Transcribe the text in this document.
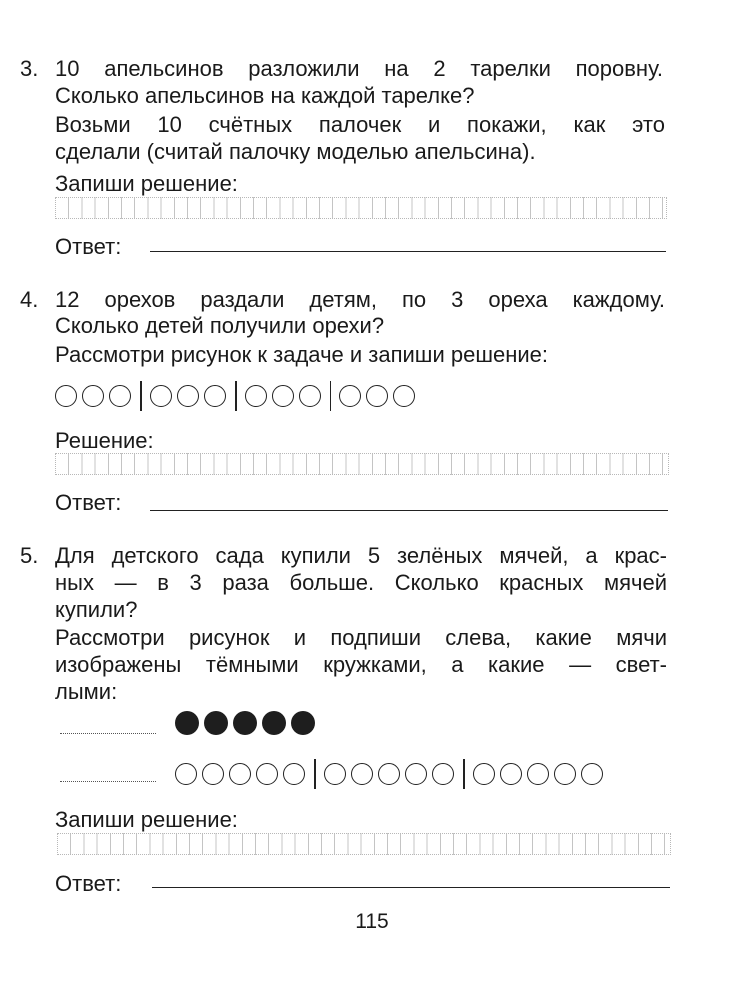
3. 10 апельсинов разложили на 2 тарелки поровну.
Сколько апельсинов на каждой тарелке?
Возьми 10 счётных палочек и покажи, как это
сделали (считай палочку моделью апельсина).
Запиши решение:
Ответ:
4. 12 орехов раздали детям, по 3 ореха каждому.
Сколько детей получили орехи?
Рассмотри рисунок к задаче и запиши решение:
Решение:
Ответ:
5. Для детского сада купили 5 зелёных мячей, а крас-
ных — в 3 раза больше. Сколько красных мячей
купили?
Рассмотри рисунок и подпиши слева, какие мячи
изображены тёмными кружками, а какие — свет-
лыми:
Запиши решение:
Ответ:
115
